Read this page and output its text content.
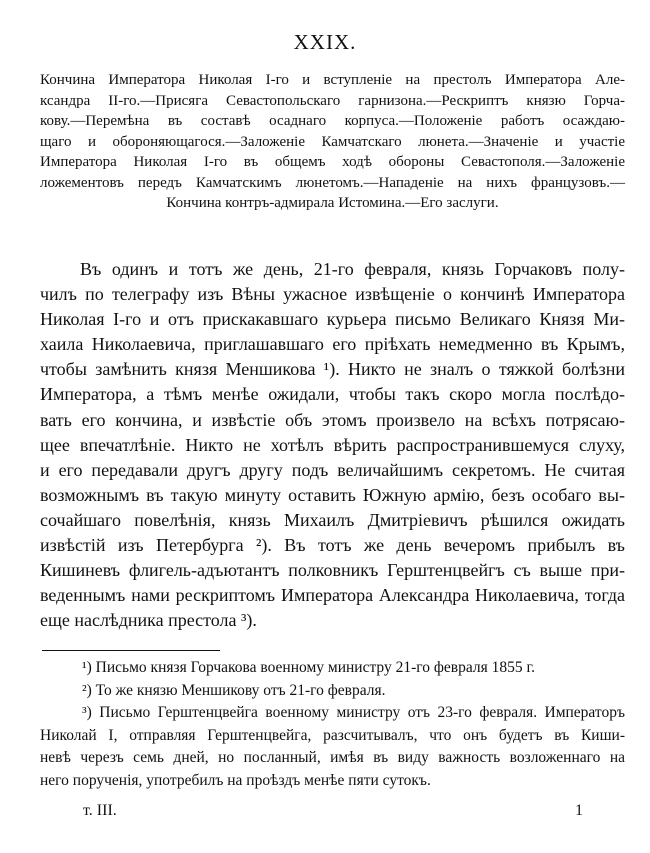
XXIX.
Кончина Императора Николая I-го и вступленіе на престолъ Императора Але-
ксандра II-го.—Присяга Севастопольскаго гарнизона.—Рескриптъ князю Горча-
кову.—Перемѣна въ составѣ осаднаго корпуса.—Положеніе работъ осаждаю-
щаго и обороняющагося.—Заложеніе Камчатскаго люнета.—Значеніе и участіе
Императора Николая I-го въ общемъ ходѣ обороны Севастополя.—Заложеніе
ложементовъ передъ Камчатскимъ люнетомъ.—Нападеніе на нихъ французовъ.—
Кончина контръ-адмирала Истомина.—Его заслуги.
Въ одинъ и тотъ же день, 21-го февраля, князь Горчаковъ полу-
чилъ по телеграфу изъ Вѣны ужасное извѣщеніе о кончинѣ Императора
Николая I-го и отъ прискакавшаго курьера письмо Великаго Князя Ми-
хаила Николаевича, приглашавшаго его пріѣхать немедменно въ Крымъ,
чтобы замѣнить князя Меншикова ¹). Никто не зналъ о тяжкой болѣзни
Императора, а тѣмъ менѣе ожидали, чтобы такъ скоро могла послѣдо-
вать его кончина, и извѣстіе объ этомъ произвело на всѣхъ потрясаю-
щее впечатлѣніе. Никто не хотѣлъ вѣрить распространившемуся слуху,
и его передавали другъ другу подъ величайшимъ секретомъ. Не считая
возможнымъ въ такую минуту оставить Южную армію, безъ особаго вы-
сочайшаго повелѣнія, князь Михаилъ Дмитріевичъ рѣшился ожидать
извѣстій изъ Петербурга ²). Въ тотъ же день вечеромъ прибылъ въ
Кишиневъ флигель-адъютантъ полковникъ Герштенцвейгъ съ выше при-
веденнымъ нами рескриптомъ Императора Александра Николаевича, тогда
еще наслѣдника престола ³).
¹) Письмо князя Горчакова военному министру 21-го февраля 1855 г.
²) То же князю Меншикову отъ 21-го февраля.
³) Письмо Герштенцвейга военному министру отъ 23-го февраля. Императоръ
Николай I, отправляя Герштенцвейга, разсчитывалъ, что онъ будетъ въ Киши-
невѣ черезъ семь дней, но посланный, имѣя въ виду важность возложеннаго на
него порученія, употребилъ на проѣздъ менѣе пяти сутокъ.
т. III.	1
